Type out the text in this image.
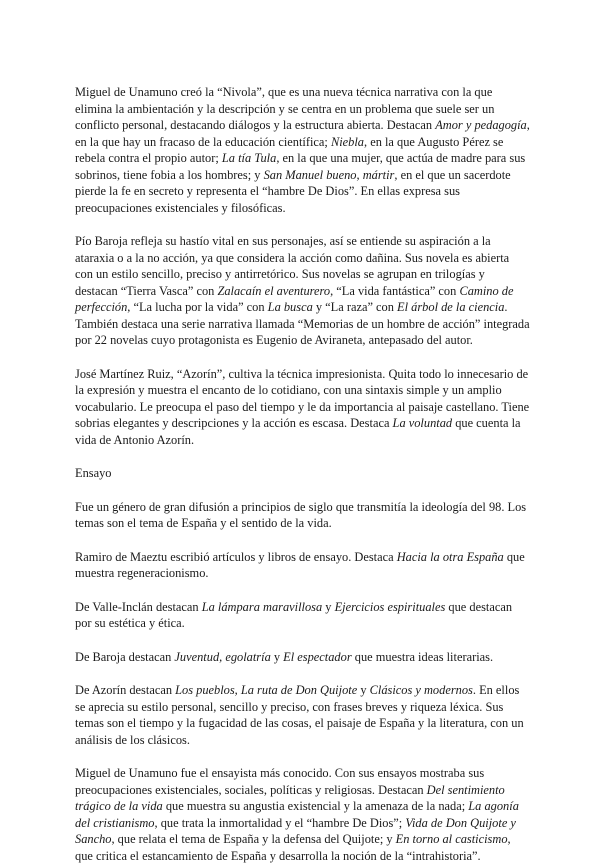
Miguel de Unamuno creó la “Nivola”, que es una nueva técnica narrativa con la que elimina la ambientación y la descripción y se centra en un problema que suele ser un conflicto personal, destacando diálogos y la estructura abierta. Destacan Amor y pedagogía, en la que hay un fracaso de la educación científica; Niebla, en la que Augusto Pérez se rebela contra el propio autor; La tía Tula, en la que una mujer, que actúa de madre para sus sobrinos, tiene fobia a los hombres; y San Manuel bueno, mártir, en el que un sacerdote pierde la fe en secreto y representa el “hambre De Dios”. En ellas expresa sus preocupaciones existenciales y filosóficas.

Pío Baroja refleja su hastío vital en sus personajes, así se entiende su aspiración a la ataraxia o a la no acción, ya que considera la acción como dañina. Sus novela es abierta con un estilo sencillo, preciso y antirretórico. Sus novelas se agrupan en trilogías y destacan “Tierra Vasca” con Zalacaín el aventurero, “La vida fantástica” con Camino de perfección, “La lucha por la vida” con La busca y “La raza” con El árbol de la ciencia. También destaca una serie narrativa llamada “Memorias de un hombre de acción” integrada por 22 novelas cuyo protagonista es Eugenio de Aviraneta, antepasado del autor.

José Martínez Ruiz, “Azorín”, cultiva la técnica impresionista. Quita todo lo innecesario de la expresión y muestra el encanto de lo cotidiano, con una sintaxis simple y un amplio vocabulario. Le preocupa el paso del tiempo y le da importancia al paisaje castellano. Tiene sobrias elegantes y descripciones y la acción es escasa. Destaca La voluntad que cuenta la vida de Antonio Azorín.

Ensayo

Fue un género de gran difusión a principios de siglo que transmitía la ideología del 98. Los temas son el tema de España y el sentido de la vida.

Ramiro de Maeztu escribió artículos y libros de ensayo. Destaca Hacia la otra España que muestra regeneracionismo.

De Valle-Inclán destacan La lámpara maravillosa y Ejercicios espirituales que destacan por su estética y ética.

De Baroja destacan Juventud, egolatría y El espectador que muestra ideas literarias.

De Azorín destacan Los pueblos, La ruta de Don Quijote y Clásicos y modernos. En ellos se aprecia su estilo personal, sencillo y preciso, con frases breves y riqueza léxica. Sus temas son el tiempo y la fugacidad de las cosas, el paisaje de España y la literatura, con un análisis de los clásicos.

Miguel de Unamuno fue el ensayista más conocido. Con sus ensayos mostraba sus preocupaciones existenciales, sociales, políticas y religiosas. Destacan Del sentimiento trágico de la vida que muestra su angustia existencial y la amenaza de la nada; La agonía del cristianismo, que trata la inmortalidad y el “hambre De Dios”; Vida de Don Quijote y Sancho, que relata el tema de España y la defensa del Quijote; y En torno al casticismo, que critica el estancamiento de España y desarrolla la noción de la “intrahistoria”.
